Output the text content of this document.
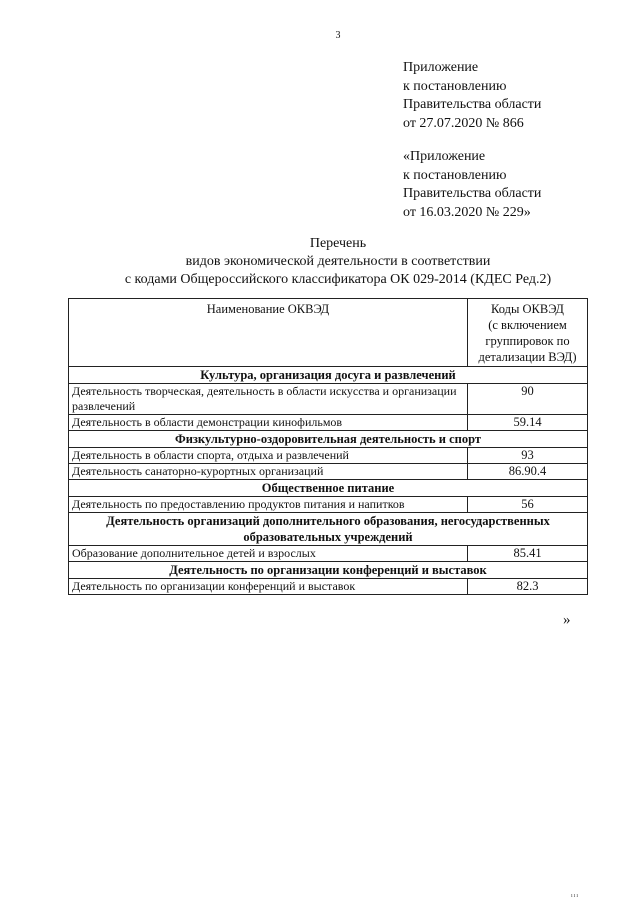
3
Приложение
к постановлению
Правительства области
от 27.07.2020 № 866
«Приложение
к постановлению
Правительства области
от 16.03.2020 № 229»
Перечень
видов экономической деятельности в соответствии
с кодами Общероссийского классификатора ОК 029-2014 (КДЕС Ред.2)
Наименование ОКВЭД	Коды ОКВЭД
(с включением
группировок по
детализации ВЭД)

Культура, организация досуга и развлечений	
Деятельность творческая, деятельность в области искусства и организации развлечений	90
Деятельность в области демонстрации кинофильмов	59.14
Физкультурно-оздоровительная деятельность и спорт	
Деятельность в области спорта, отдыха и развлечений	93
Деятельность санаторно-курортных организаций	86.90.4
Общественное питание	
Деятельность по предоставлению продуктов питания и напитков	56
Деятельность организаций дополнительного образования, негосударственных образовательных учреждений	
Образование дополнительное детей и взрослых	85.41
Деятельность по организации конференций и выставок	
Деятельность по организации конференций и выставок	82.3
»
ııı
